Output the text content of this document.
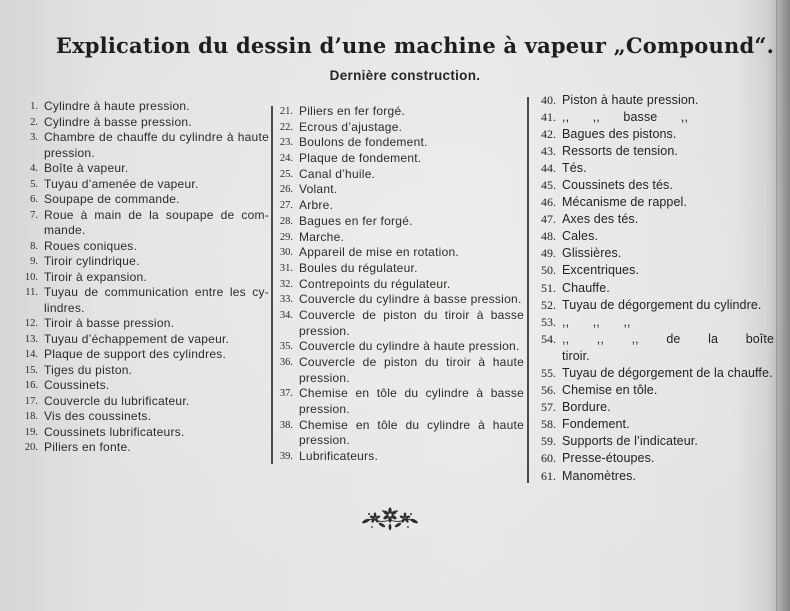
Explication du dessin d’une machine à vapeur „Compound“.
Dernière construction.
1. Cylindre à haute pression.
2. Cylindre à basse pression.
3. Chambre de chauffe du cylindre à haute
pression.
4. Boîte à vapeur.
5. Tuyau d’amenée de vapeur.
6. Soupape de commande.
7. Roue à main de la soupape de com-
mande.
8. Roues coniques.
9. Tiroir cylindrique.
10. Tiroir à expansion.
11. Tuyau de communication entre les cy-
lindres.
12. Tiroir à basse pression.
13. Tuyau d’échappement de vapeur.
14. Plaque de support des cylindres.
15. Tiges du piston.
16. Coussinets.
17. Couvercle du lubrificateur.
18. Vis des coussinets.
19. Coussinets lubrificateurs.
20. Piliers en fonte.
21. Piliers en fer forgé.
22. Ecrous d’ajustage.
23. Boulons de fondement.
24. Plaque de fondement.
25. Canal d’huile.
26. Volant.
27. Arbre.
28. Bagues en fer forgé.
29. Marche.
30. Appareil de mise en rotation.
31. Boules du régulateur.
32. Contrepoints du régulateur.
33. Couvercle du cylindre à basse pression.
34. Couvercle de piston du tiroir à basse
pression.
35. Couvercle du cylindre à haute pression.
36. Couvercle de piston du tiroir à haute
pression.
37. Chemise en tôle du cylindre à basse
pression.
38. Chemise en tôle du cylindre à haute
pression.
39. Lubrificateurs.
40. Piston à haute pression.
41. ,, ,, basse ,,
42. Bagues des pistons.
43. Ressorts de tension.
44. Tés.
45. Coussinets des tés.
46. Mécanisme de rappel.
47. Axes des tés.
48. Cales.
49. Glissières.
50. Excentriques.
51. Chauffe.
52. Tuyau de dégorgement du cylindre.
53. ,, ,, ,,
54. ,, ,, ,, de la boîte
tiroir.
55. Tuyau de dégorgement de la chauffe.
56. Chemise en tôle.
57. Bordure.
58. Fondement.
59. Supports de l’indicateur.
60. Presse-étoupes.
61. Manomètres.
